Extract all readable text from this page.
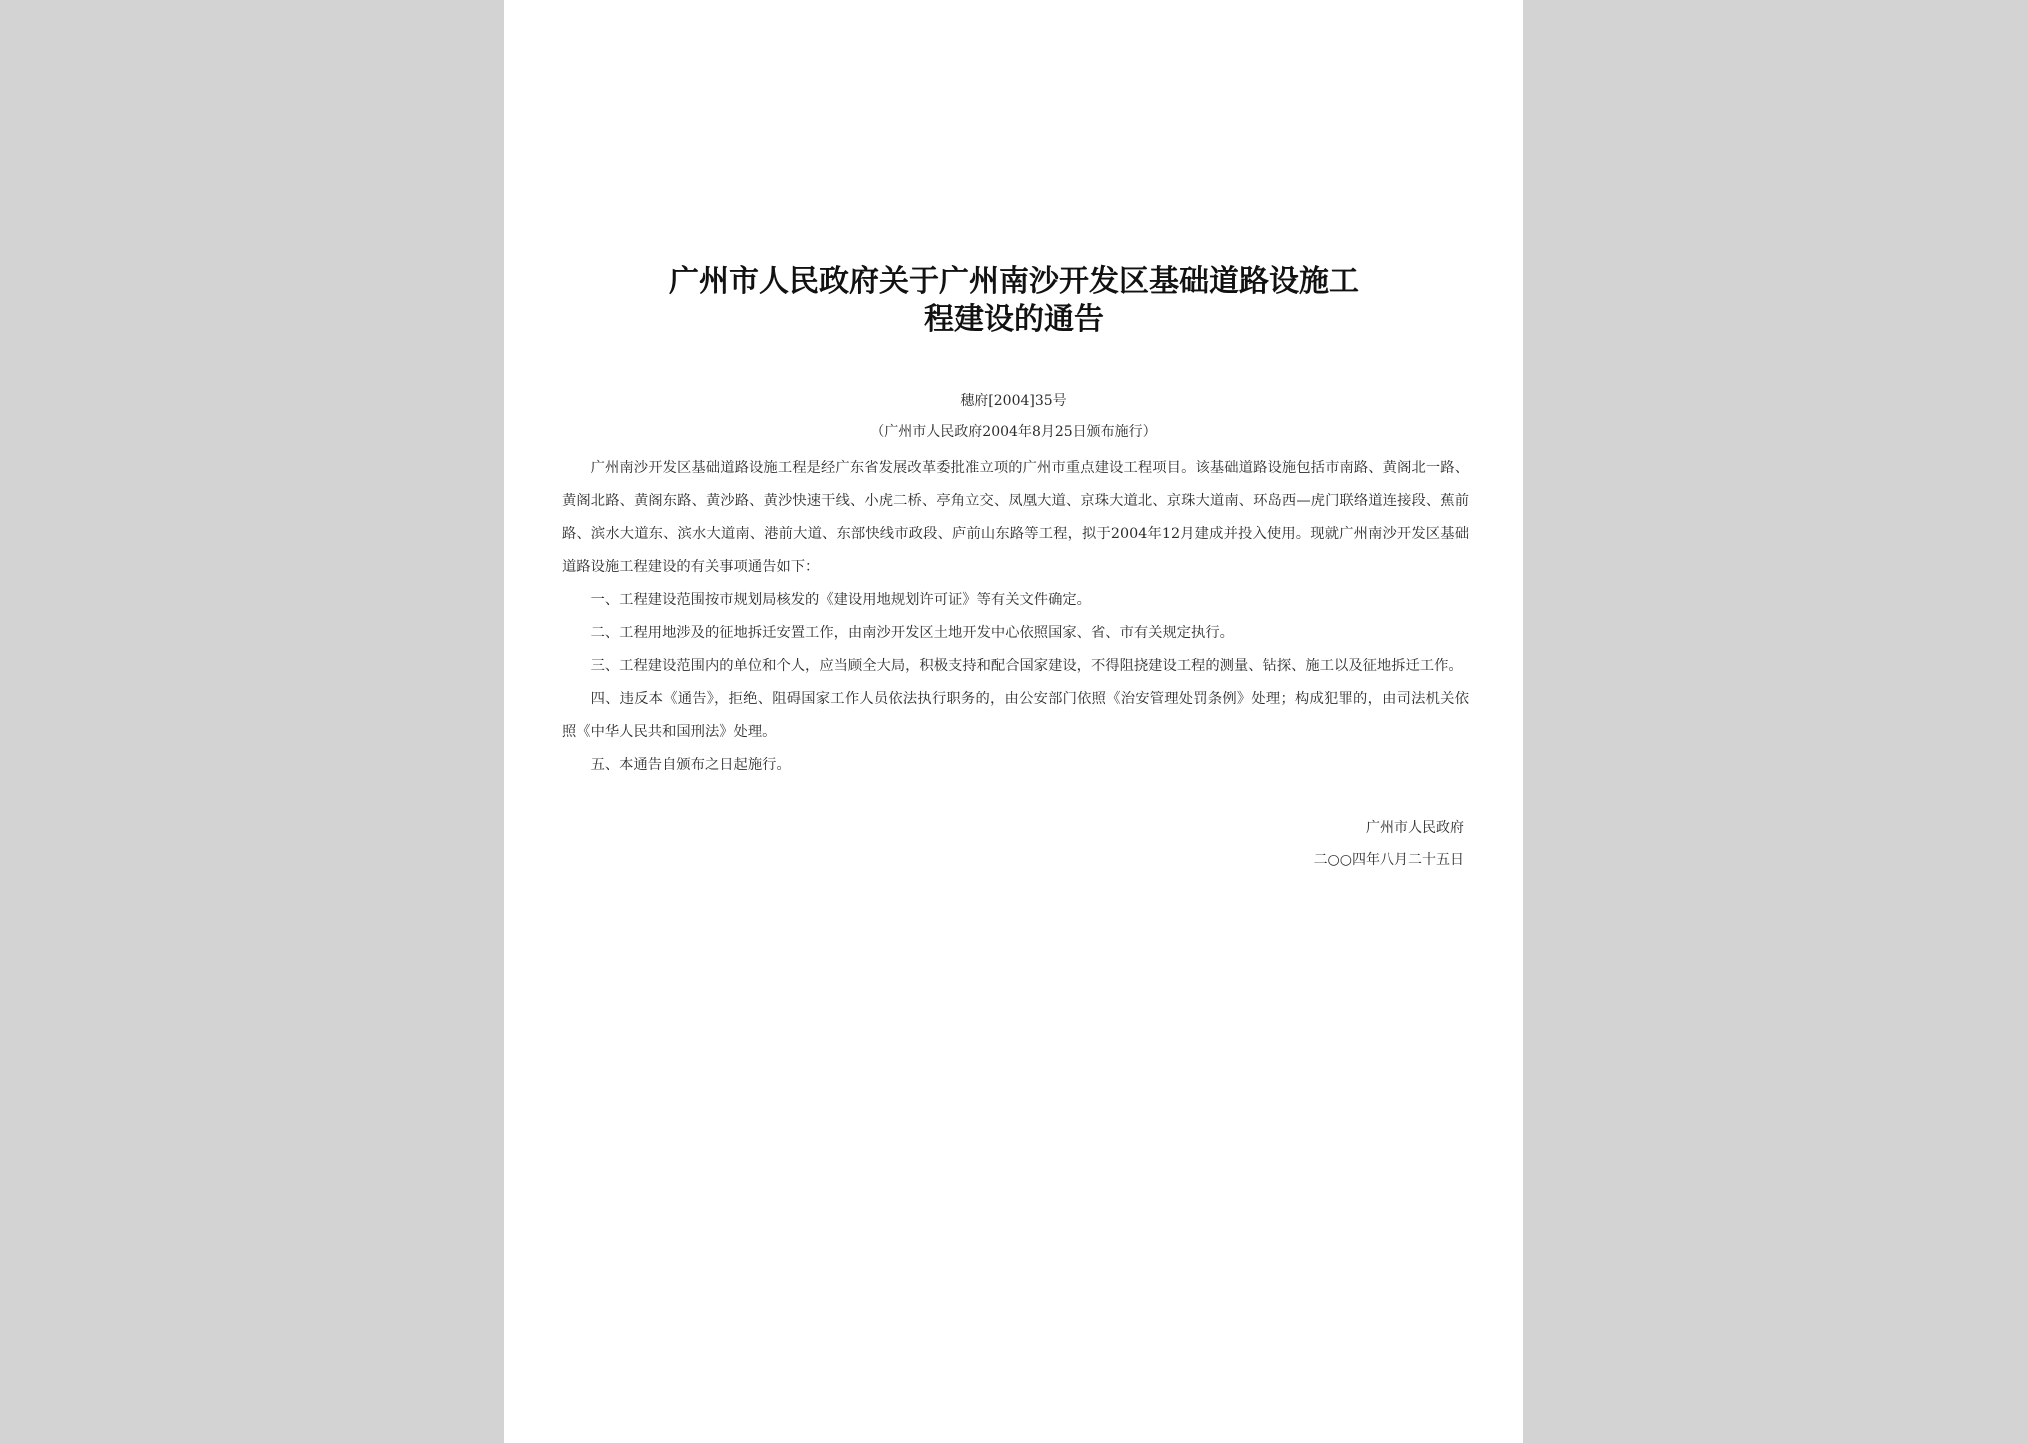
广州市人民政府关于广州南沙开发区基础道路设施工
程建设的通告
穗府[2004]35号
（广州市人民政府2004年8月25日颁布施行）

广州南沙开发区基础道路设施工程是经广东省发展改革委批准立项的广州市重点建设工程项目。该基础道路设施包括市南路、黄阁北一路、黄阁北路、黄阁东路、黄沙路、黄沙快速干线、小虎二桥、亭角立交、凤凰大道、京珠大道北、京珠大道南、环岛西—虎门联络道连接段、蕉前路、滨水大道东、滨水大道南、港前大道、东部快线市政段、庐前山东路等工程，拟于2004年12月建成并投入使用。现就广州南沙开发区基础道路设施工程建设的有关事项通告如下：

一、工程建设范围按市规划局核发的《建设用地规划许可证》等有关文件确定。

二、工程用地涉及的征地拆迁安置工作，由南沙开发区土地开发中心依照国家、省、市有关规定执行。

三、工程建设范围内的单位和个人，应当顾全大局，积极支持和配合国家建设，不得阻挠建设工程的测量、钻探、施工以及征地拆迁工作。

四、违反本《通告》，拒绝、阻碍国家工作人员依法执行职务的，由公安部门依照《治安管理处罚条例》处理；构成犯罪的，由司法机关依照《中华人民共和国刑法》处理。

五、本通告自颁布之日起施行。

广州市人民政府
二○○四年八月二十五日
